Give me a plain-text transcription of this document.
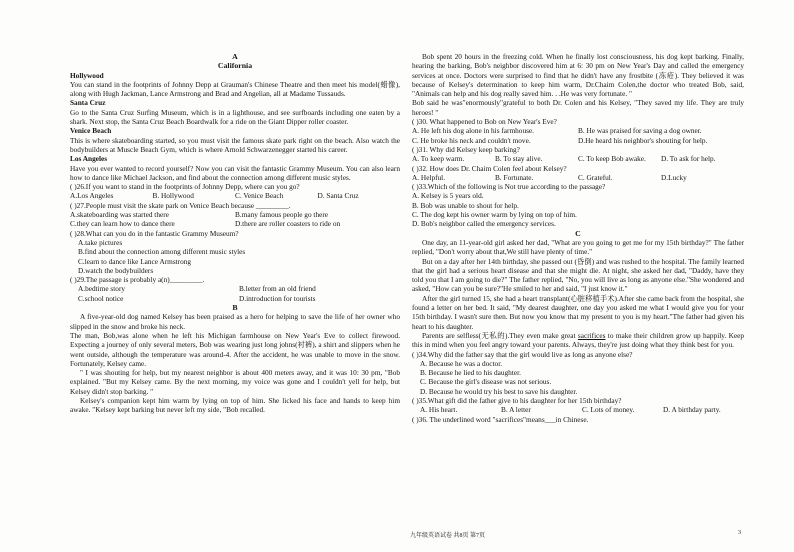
A

California

Hollywood

You can stand in the footprints of Johnny Depp at Grauman's Chinese Theatre and then meet his model(蜡像), along with Hugh Jackman, Lance Armstrong and Brad and Angelian, all at Madame Tussauds.

Santa Cruz

Go to the Santa Cruz Surfing Museum, which is in a lighthouse, and see surfboards including one eaten by a shark. Next stop, the Santa Cruz Beach Boardwalk for a ride on the Giant Dipper roller coaster.

Venice Beach

This is where skateboarding started, so you must visit the famous skate park right on the beach. Also watch the bodybuilders at Muscle Beach Gym, which is where Arnold Schwarzenegger started his career.

Los Angeles

Have you ever wanted to record yourself? Now you can visit the fantastic Grammy Museum. You can also learn how to dance like Michael Jackson, and find about the connection among different music styles.

( )26.If you want to stand in the footprints of Johnny Depp, where can you go?

A.Los Angeles	B. Hollywood	C. Venice Beach	D. Santa Cruz

( )27.People must visit the skate park on Venice Beach because _________.

A.skateboarding was started there	B.many famous people go there
C.they can learn how to dance there	D.there are roller coasters to ride on

( )28.What can you do in the fantastic Grammy Museum?

A.take pictures

B.find about the connection among different music styles

C.learn to dance like Lance Armstrong

D.watch the bodybuilders

( )29.The passage is probably a(n)_________.

A.bedtime story	B.letter from an old friend
C.school notice	D.introduction for tourists

B

A five-year-old dog named Kelsey has been praised as a hero for helping to save the life of her owner who slipped in the snow and broke his neck.

The man, Bob,was alone when he left his Michigan farmhouse on New Year's Eve to collect firewood. Expecting a journey of only several meters, Bob was wearing just long johns(衬裤), a shirt and slippers when he went outside, although the temperature was around-4. After the accident, he was unable to move in the snow. Fortunately, Kelsey came.

" I was shouting for help, but my nearest neighbor is about 400 meters away, and it was 10: 30 pm, "Bob explained. "But my Kelsey came. By the next morning, my voice was gone and I couldn't yell for help, but Kelsey didn't stop barking. "

Kelsey's companion kept him warm by lying on top of him. She licked his face and hands to keep him awake. "Kelsey kept barking but never left my side, "Bob recalled.

Bob spent 20 hours in the freezing cold. When he finally lost consciousness, his dog kept barking. Finally, hearing the barking, Bob's neighbor discovered him at 6: 30 pm on New Year's Day and called the emergency services at once. Doctors were surprised to find that he didn't have any frostbite (冻疮). They believed it was because of Kelsey's determination to keep him warm, Dr.Chaim Colen,the doctor who treated Bob, said, "Animals can help and his dog really saved him. . .He was very fortunate. "

Bob said he was"enormously"grateful to both Dr. Colen and his Kelsey, "They saved my life. They are truly heroes! "

( )30. What happened to Bob on New Year's Eve?

A. He left his dog alone in his farmhouse.	B. He was praised for saving a dog owner.
C. He broke his neck and couldn't move.	D.He heard his neighbor's shouting for help.

( )31. Why did Kelsey keep barking?

A. To keep warm.	B. To stay alive.	C. To keep Bob awake.	D. To ask for help.

( )32. How does Dr. Chaim Colen feel about Kelsey?

A. Helpful.	B. Fortunate.	C. Grateful.	D.Lucky

( )33.Which of the following is Not true according to the passage?

A. Kelsey is 5 years old.

B. Bob was unable to shout for help.

C. The dog kept his owner warm by lying on top of him.

D. Bob's neighbor called the emergency services.

C

One day, an 11-year-old girl asked her dad, "What are you going to get me for my 15th birthday?" The father replied, "Don't worry about that,We still have plenty of time."

But on a day after her 14th birthday, she passed out (昏倒) and was rushed to the hospital. The family learned that the girl had a serious heart disease and that she might die. At night, she asked her dad, "Daddy, have they told you that I am going to die?" The father replied, "No, you will live as long as anyone else."She wondered and asked, "How can you be sure?"He smiled to her and said, "I just know it."

After the girl turned 15, she had a heart transplant(心脏移植手术).After she came back from the hospital, she found a letter on her bed. It said, "My dearest daughter, one day you asked me what I would give you for your 15th birthday. I wasn't sure then. But now you know that my present to you is my heart."The father had given his heart to his daughter.

Parents are selfless(无私的).They even make great sacrifices to make their children grow up happily. Keep this in mind when you feel angry toward your parents. Always, they're just doing what they think best for you.

( )34.Why did the father say that the girl would live as long as anyone else?

A. Because he was a doctor.

B. Because he lied to his daughter.

C. Because the girl's disease was not serious.

D. Because he would try his best to save his daughter.

( )35.What gift did the father give to his daughter for her 15th birthday?

A. His heart.	B. A letter	C. Lots of money.	D. A birthday party.

( )36. The underlined word "sacrifices"means___in Chinese.

九年级英语试卷 共8页 第7页	3
